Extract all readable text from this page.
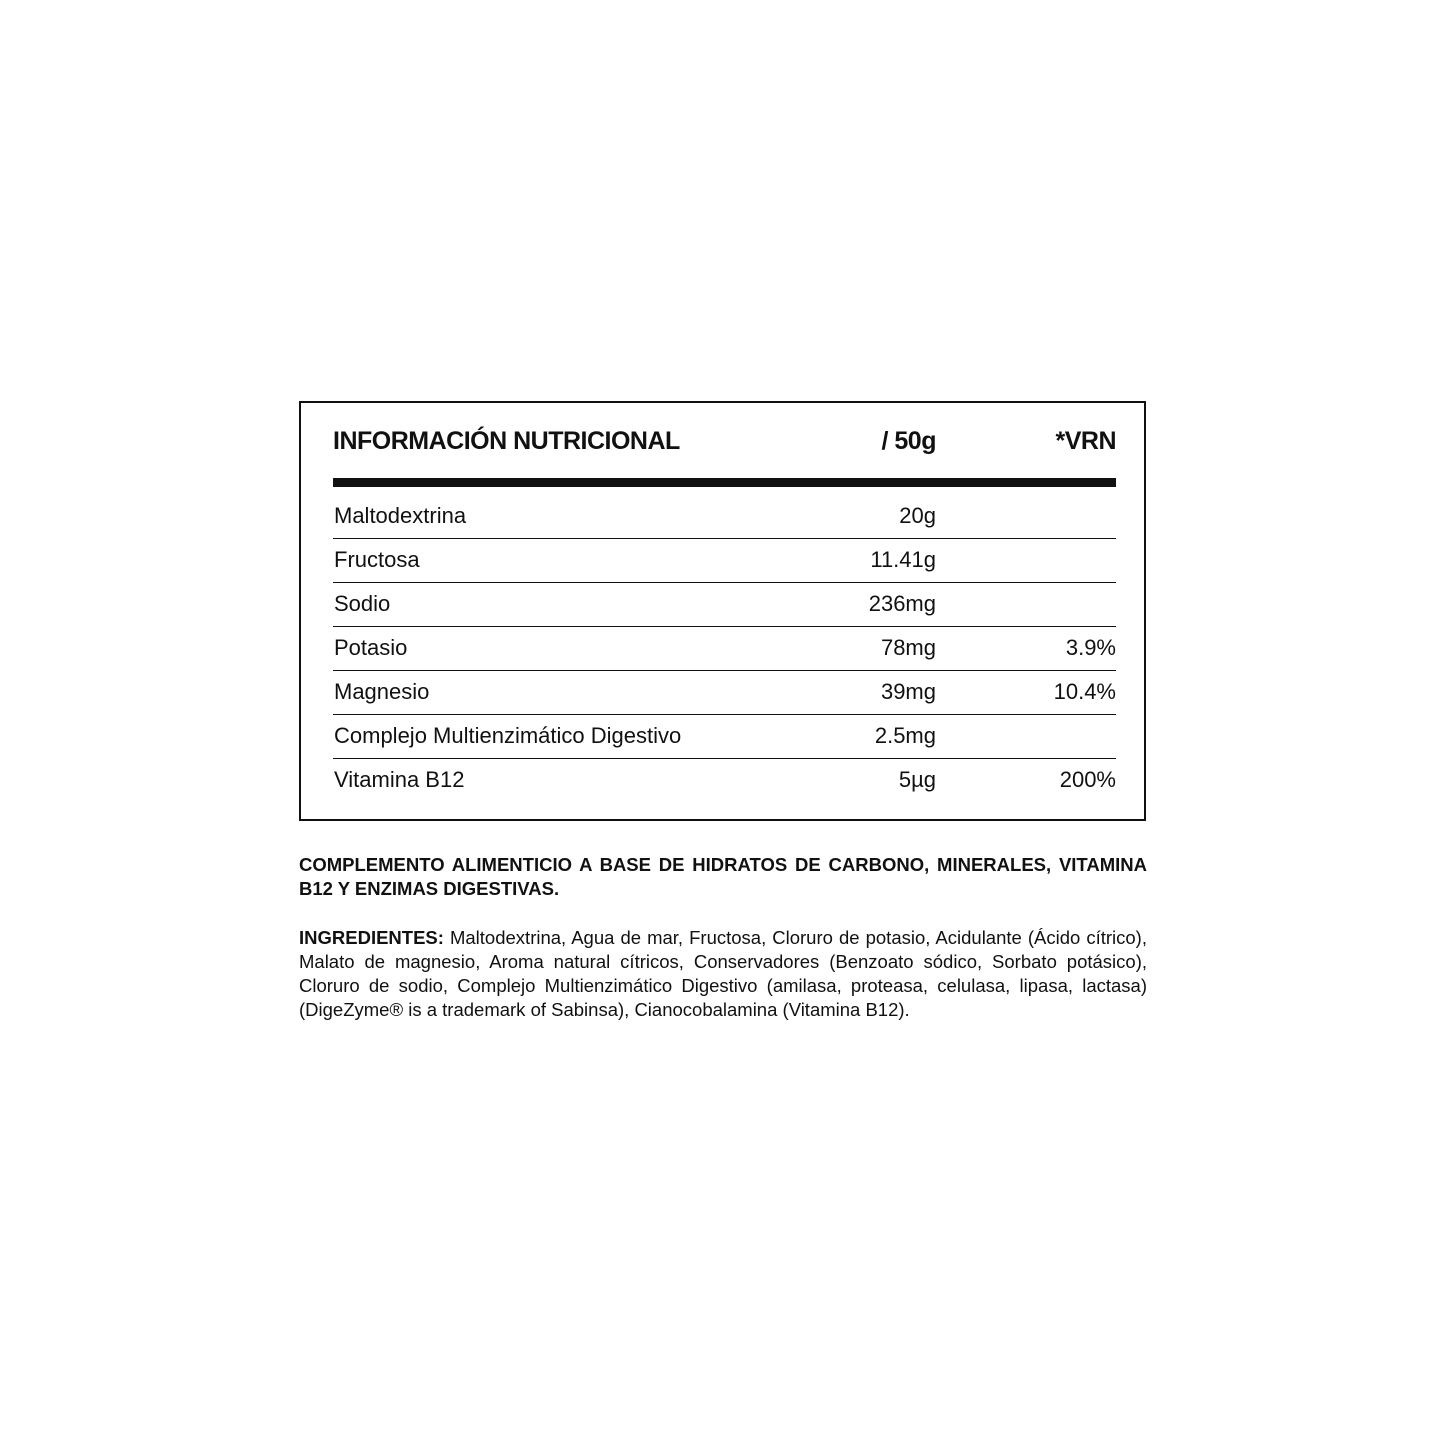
INFORMACIÓN NUTRICIONAL	/ 50g	*VRN
Maltodextrina	20g
Fructosa	11.41g
Sodio	236mg
Potasio	78mg	3.9%
Magnesio	39mg	10.4%
Complejo Multienzimático Digestivo	2.5mg
Vitamina B12	5µg	200%
COMPLEMENTO ALIMENTICIO A BASE DE HIDRATOS DE CARBONO, MINERALES, VITAMINA B12 Y ENZIMAS DIGESTIVAS.
INGREDIENTES: Maltodextrina, Agua de mar, Fructosa, Cloruro de potasio, Acidulante (Ácido cítrico), Malato de magnesio, Aroma natural cítricos, Conservadores (Benzoato sódico, Sorbato potásico), Cloruro de sodio, Complejo Multienzimático Digestivo (amilasa, proteasa, celulasa, lipasa, lactasa) (DigeZyme® is a trademark of Sabinsa), Cianocobalamina (Vitamina B12).
